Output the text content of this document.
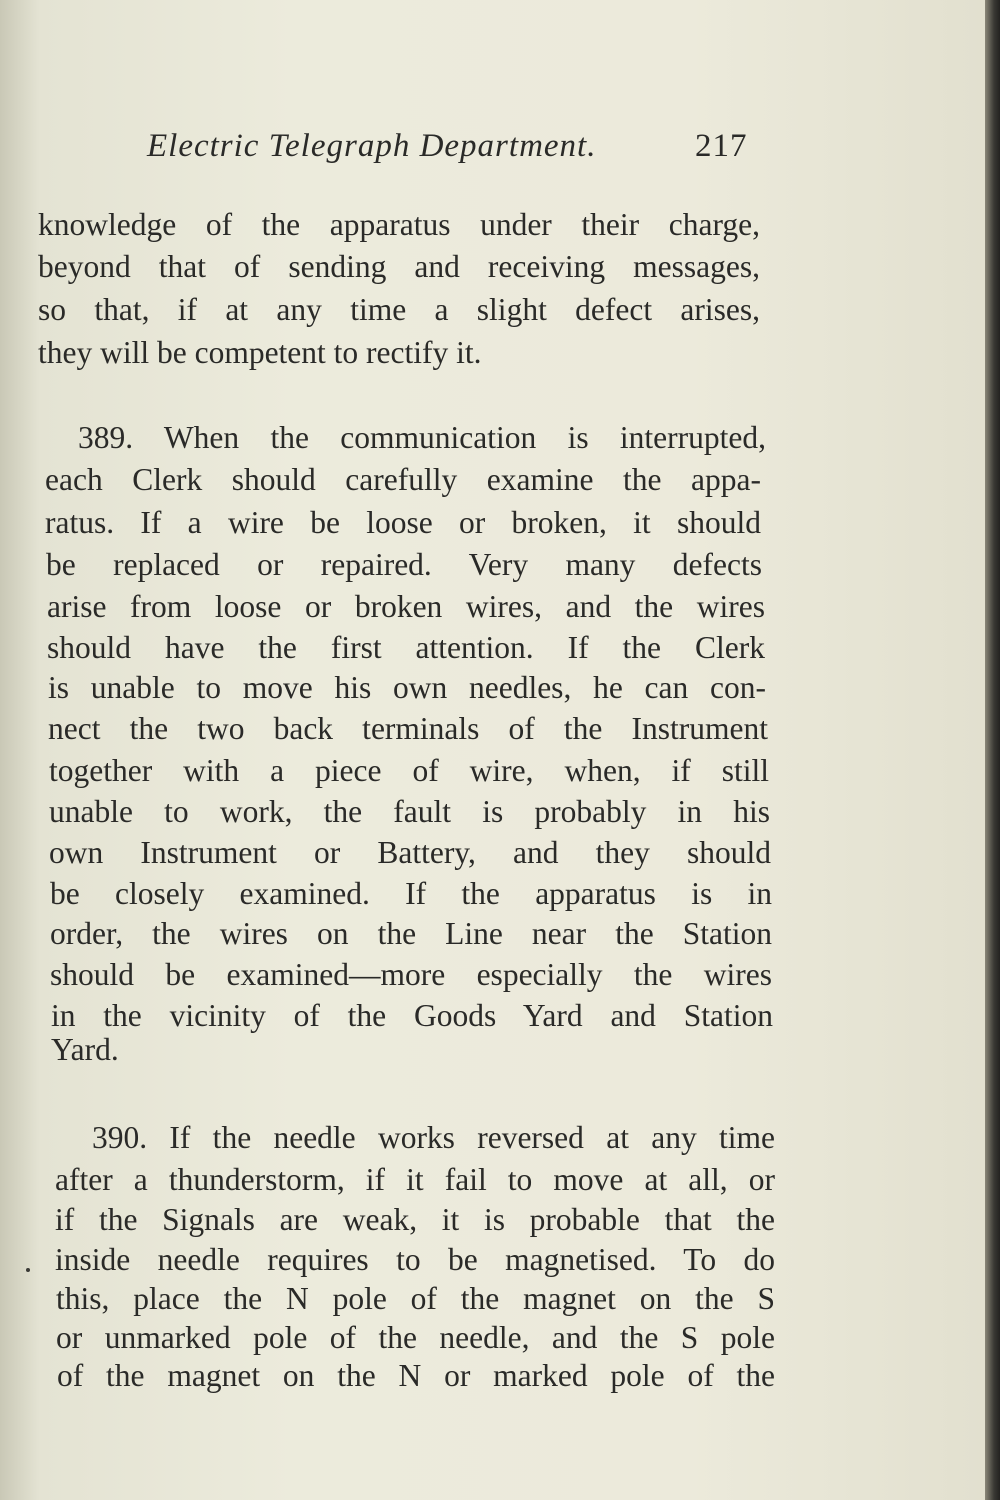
Electric Telegraph Department.	217
knowledge of the apparatus under their charge,
beyond that of sending and receiving messages,
so that, if at any time a slight defect arises,
they will be competent to rectify it.
389. When the communication is interrupted,
each Clerk should carefully examine the appa-
ratus. If a wire be loose or broken, it should
be replaced or repaired. Very many defects
arise from loose or broken wires, and the wires
should have the first attention. If the Clerk
is unable to move his own needles, he can con-
nect the two back terminals of the Instrument
together with a piece of wire, when, if still
unable to work, the fault is probably in his
own Instrument or Battery, and they should
be closely examined. If the apparatus is in
order, the wires on the Line near the Station
should be examined—more especially the wires
in the vicinity of the Goods Yard and Station
Yard.
390. If the needle works reversed at any time
after a thunderstorm, if it fail to move at all, or
if the Signals are weak, it is probable that the
inside needle requires to be magnetised. To do
this, place the N pole of the magnet on the S
or unmarked pole of the needle, and the S pole
of the magnet on the N or marked pole of the
